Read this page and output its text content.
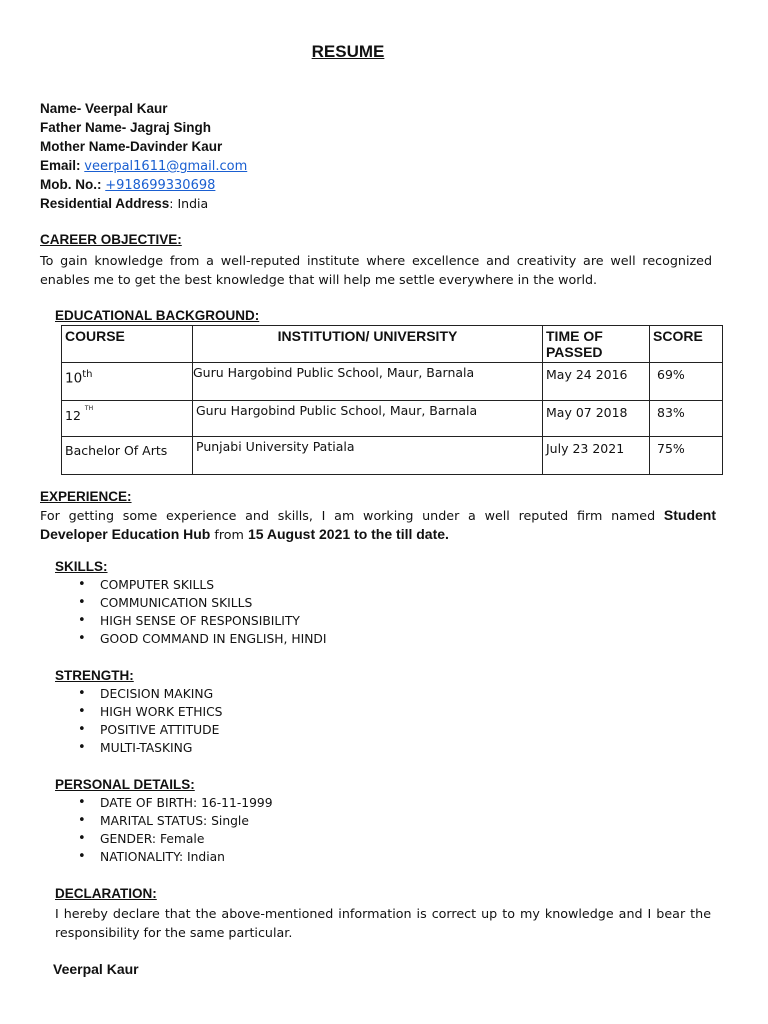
RESUME
Name- Veerpal Kaur
Father Name- Jagraj Singh
Mother Name-Davinder Kaur
Email: veerpal1611@gmail.com
Mob. No.: +918699330698
Residential Address: India
CAREER OBJECTIVE:
To gain knowledge from a well-reputed institute where excellence and creativity are well recognized enables me to get the best knowledge that will help me settle everywhere in the world.
EDUCATIONAL BACKGROUND:
COURSE	INSTITUTION/ UNIVERSITY	TIME OF PASSED	SCORE
10th	Guru Hargobind Public School, Maur, Barnala	May 24 2016	69%
12 $^{TH}$	Guru Hargobind Public School, Maur, Barnala	May 07 2018	83%
Bachelor Of Arts	Punjabi University Patiala	July 23 2021	75%
EXPERIENCE:
For getting some experience and skills, I am working under a well reputed firm named Student Developer Education Hub from 15 August 2021 to the till date.
SKILLS:
• COMPUTER SKILLS
• COMMUNICATION SKILLS
• HIGH SENSE OF RESPONSIBILITY
• GOOD COMMAND IN ENGLISH, HINDI
STRENGTH:
• DECISION MAKING
• HIGH WORK ETHICS
• POSITIVE ATTITUDE
• MULTI-TASKING
PERSONAL DETAILS:
• DATE OF BIRTH: 16-11-1999
• MARITAL STATUS: Single
• GENDER: Female
• NATIONALITY: Indian
DECLARATION:
I hereby declare that the above-mentioned information is correct up to my knowledge and I bear the responsibility for the same particular.
Veerpal Kaur
